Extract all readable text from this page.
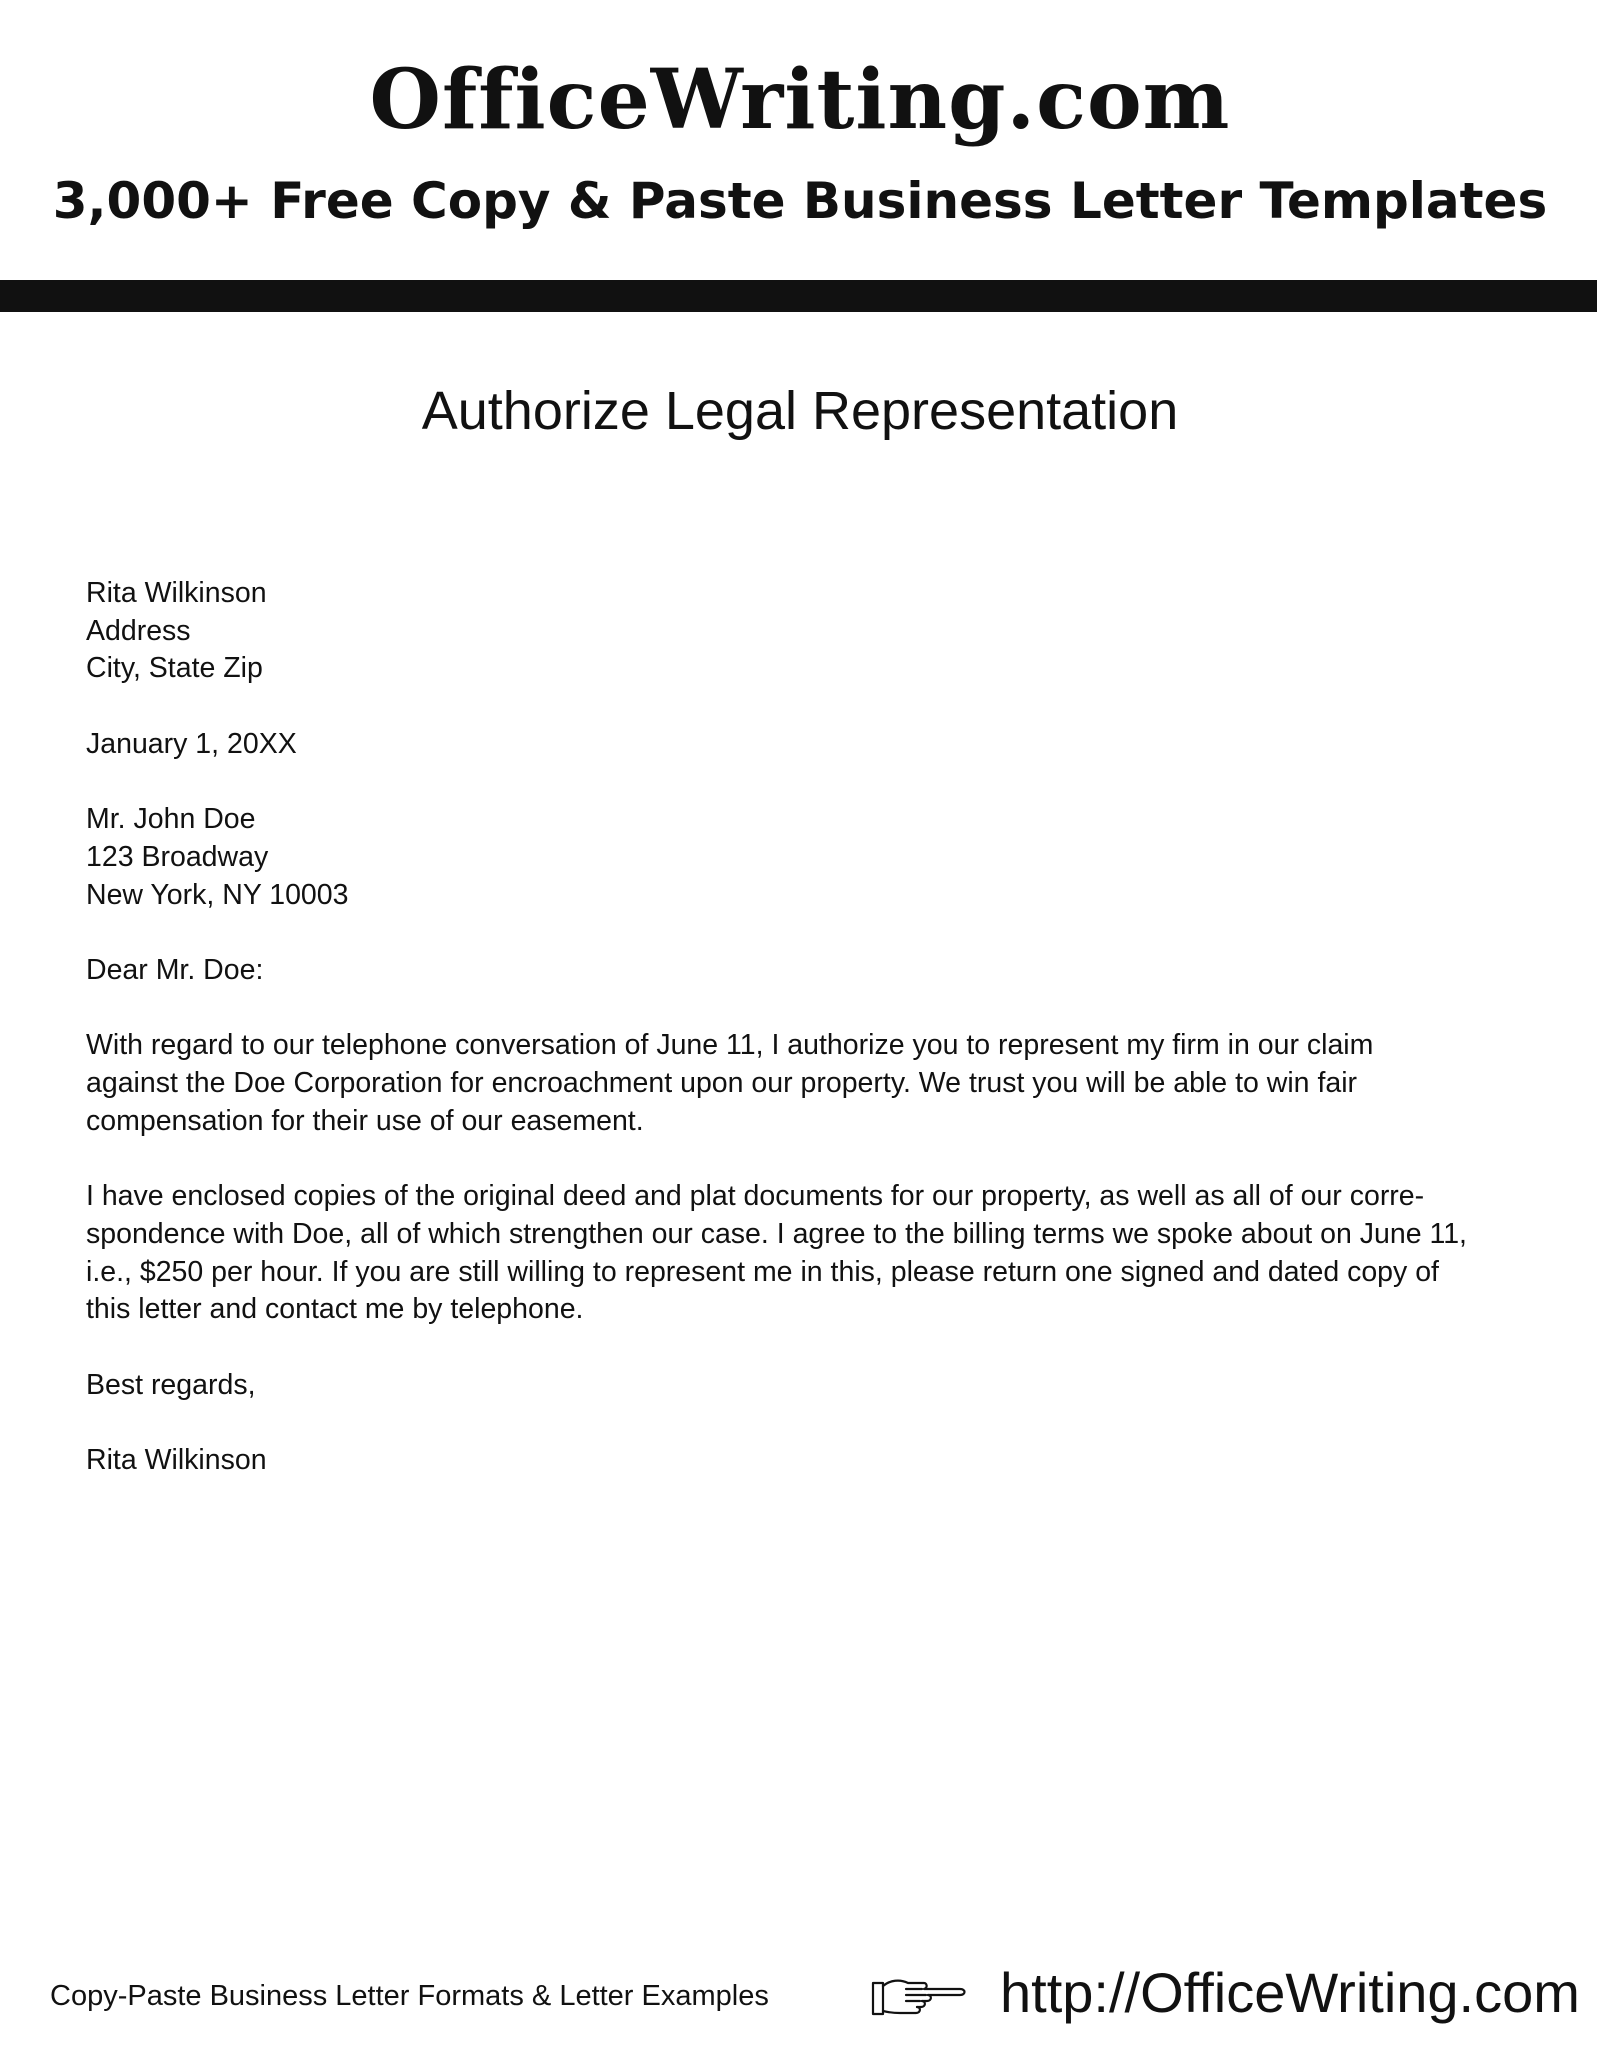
OfficeWriting.com
3,000+ Free Copy & Paste Business Letter Templates
Authorize Legal Representation
Rita Wilkinson
Address
City, State Zip
January 1, 20XX
Mr. John Doe
123 Broadway
New York, NY 10003
Dear Mr. Doe:
With regard to our telephone conversation of June 11, I authorize you to represent my firm in our claim
against the Doe Corporation for encroachment upon our property. We trust you will be able to win fair
compensation for their use of our easement.
I have enclosed copies of the original deed and plat documents for our property, as well as all of our corre-
spondence with Doe, all of which strengthen our case. I agree to the billing terms we spoke about on June 11,
i.e., $250 per hour. If you are still willing to represent me in this, please return one signed and dated copy of
this letter and contact me by telephone.
Best regards,
Rita Wilkinson
Copy-Paste Business Letter Formats & Letter Examples	http://OfficeWriting.com
